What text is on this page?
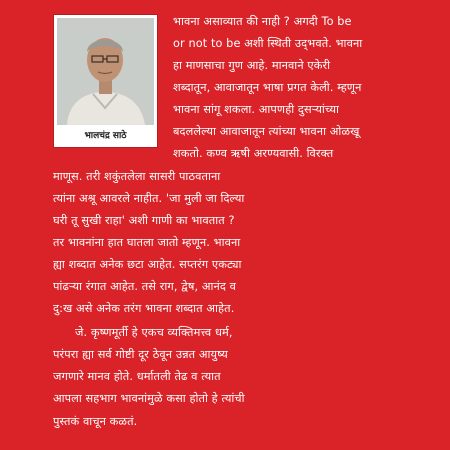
भालचंद्र साठे
भावना असाव्यात की नाही ? अगदी To be
or not to be अशी स्थिती उद्‌भवते. भावना
हा माणसाचा गुण आहे. मानवाने एकेरी
शब्दातून, आवाजातून भाषा प्रगत केली. म्हणून
भावना सांगू शकला. आपणही दुसऱ्यांच्या
बदललेल्या आवाजातून त्यांच्या भावना ओळखू
शकतो. कण्व ऋषी अरण्यवासी. विरक्त
माणूस. तरी शकुंतलेला सासरी पाठवताना
त्यांना अश्रू आवरले नाहीत. 'जा मुली जा दिल्या
घरी तू सुखी राहा' अशी गाणी का भावतात ?
तर भावनांना हात घातला जातो म्हणून. भावना
ह्या शब्दात अनेक छटा आहेत. सप्तरंग एकट्या
पांढऱ्या रंगात आहेत. तसे राग, द्वेष, आनंद व
दु:ख असे अनेक तरंग भावना शब्दात आहेत.
जे. कृष्णमूर्ती हे एकच व्यक्तिमत्त्व धर्म,
परंपरा ह्या सर्व गोष्टी दूर ठेवून उन्नत आयुष्य
जगणारे मानव होते. धर्मातली तेढ व त्यात
आपला सहभाग भावनांमुळे कसा होतो हे त्यांची
पुस्तकं वाचून कळतं.
